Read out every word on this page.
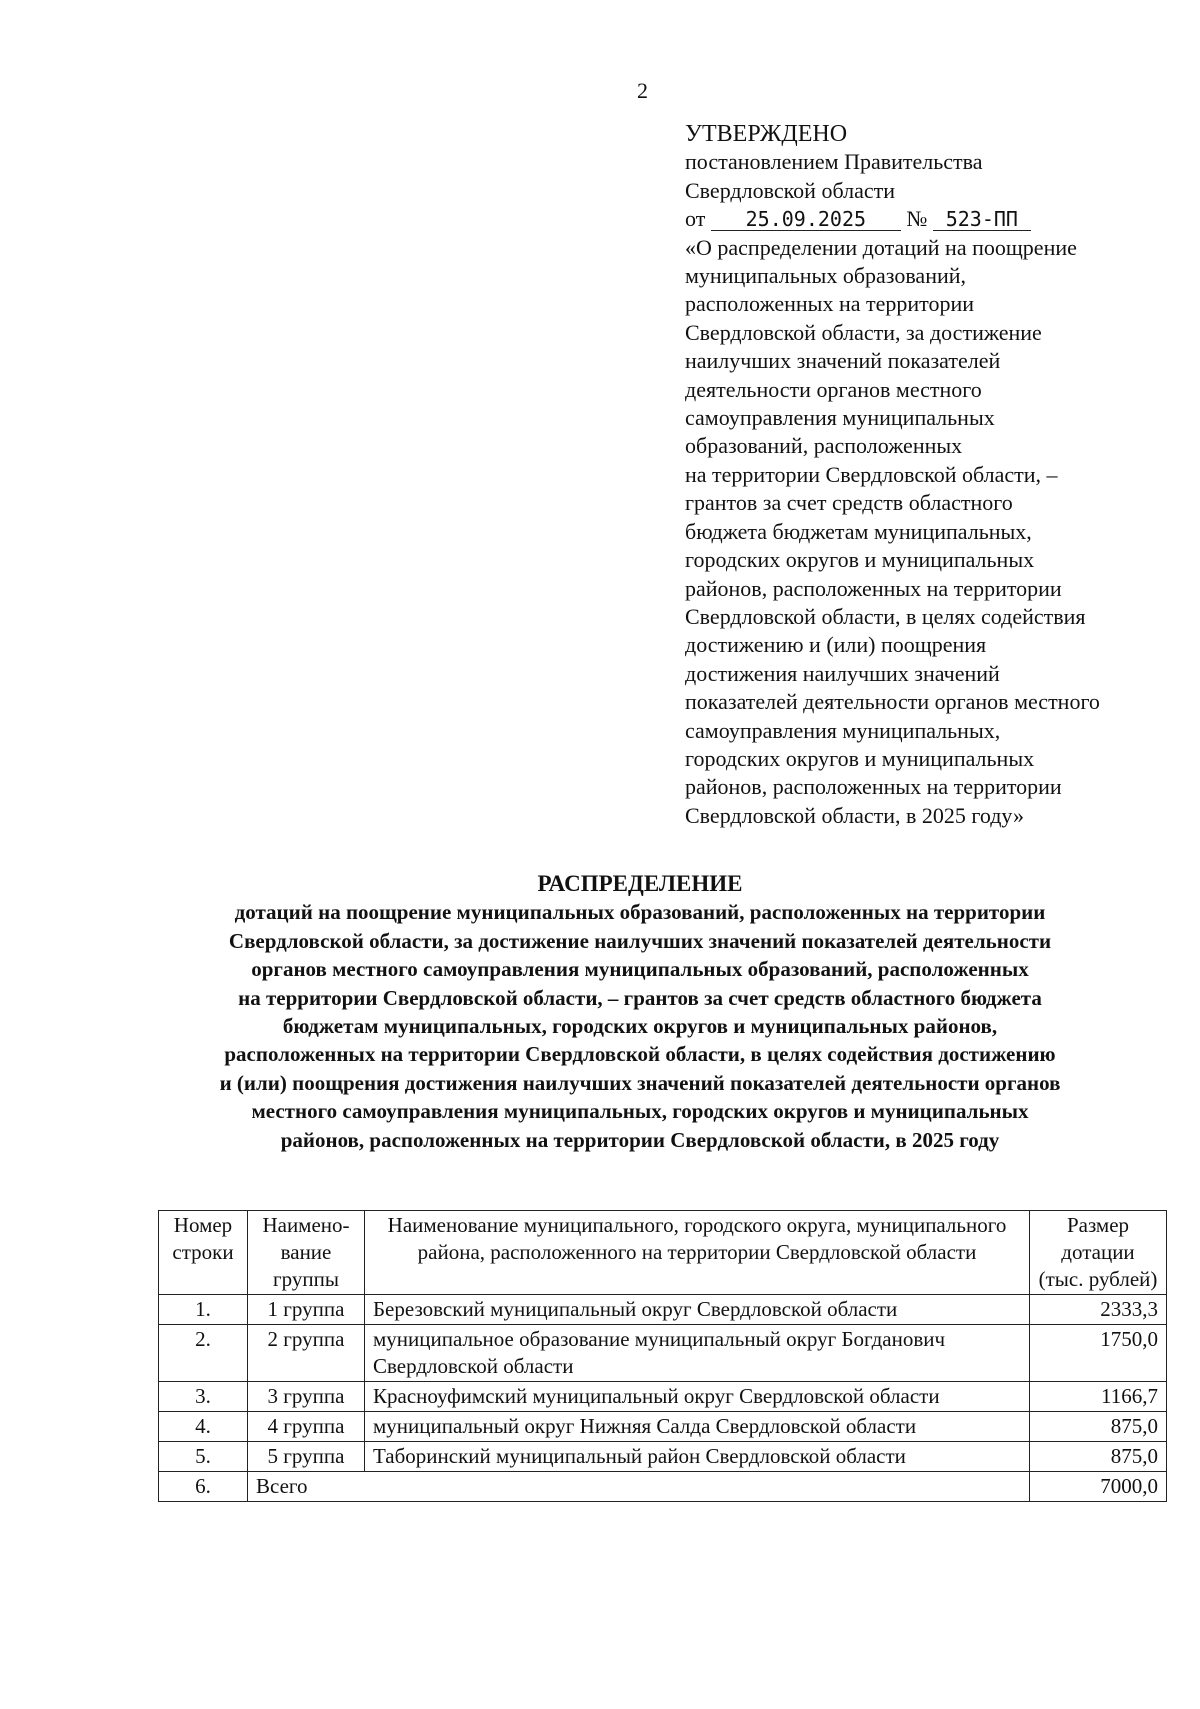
2
УТВЕРЖДЕНО
постановлением Правительства
Свердловской области
от 25.09.2025 № 523-ПП
«О распределении дотаций на поощрение
муниципальных образований,
расположенных на территории
Свердловской области, за достижение
наилучших значений показателей
деятельности органов местного
самоуправления муниципальных
образований, расположенных
на территории Свердловской области, –
грантов за счет средств областного
бюджета бюджетам муниципальных,
городских округов и муниципальных
районов, расположенных на территории
Свердловской области, в целях содействия
достижению и (или) поощрения
достижения наилучших значений
показателей деятельности органов местного
самоуправления муниципальных,
городских округов и муниципальных
районов, расположенных на территории
Свердловской области, в 2025 году»
РАСПРЕДЕЛЕНИЕ
дотаций на поощрение муниципальных образований, расположенных на территории
Свердловской области, за достижение наилучших значений показателей деятельности
органов местного самоуправления муниципальных образований, расположенных
на территории Свердловской области, – грантов за счет средств областного бюджета
бюджетам муниципальных, городских округов и муниципальных районов,
расположенных на территории Свердловской области, в целях содействия достижению
и (или) поощрения достижения наилучших значений показателей деятельности органов
местного самоуправления муниципальных, городских округов и муниципальных
районов, расположенных на территории Свердловской области, в 2025 году
Номер строки	Наимено-вание группы	Наименование муниципального, городского округа, муниципального района, расположенного на территории Свердловской области	Размер дотации (тыс. рублей)
1.	1 группа	Березовский муниципальный округ Свердловской области	2333,3
2.	2 группа	муниципальное образование муниципальный округ Богданович Свердловской области	1750,0
3.	3 группа	Красноуфимский муниципальный округ Свердловской области	1166,7
4.	4 группа	муниципальный округ Нижняя Салда Свердловской области	875,0
5.	5 группа	Таборинский муниципальный район Свердловской области	875,0
6.	Всего		7000,0
